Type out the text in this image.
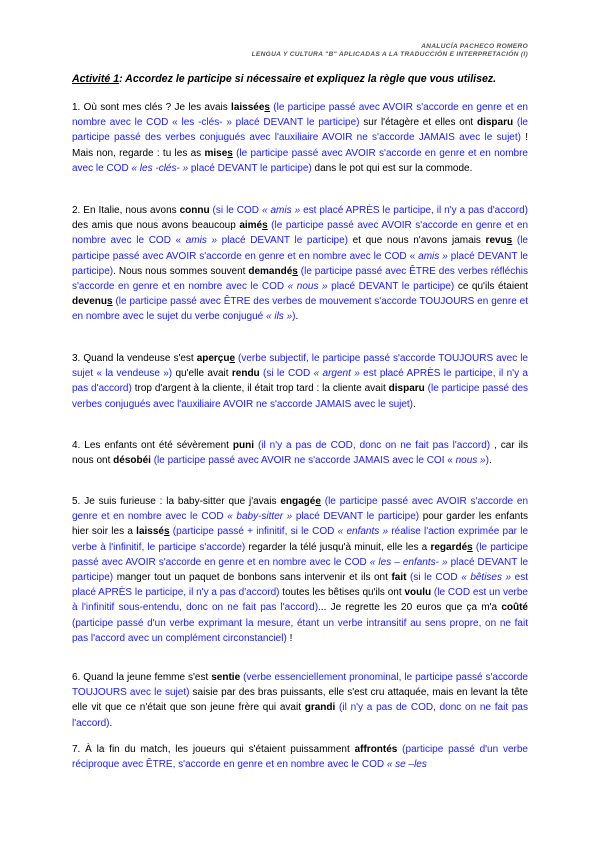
ANALUCÍA PACHECO ROMERO
LENGUA Y CULTURA "B" APLICADAS A LA TRADUCCIÓN E INTERPRETACIÓN (I)
Activité 1: Accordez le participe si nécessaire et expliquez la règle que vous utilisez.
1. Où sont mes clés ? Je les avais laissées (le participe passé avec AVOIR s'accorde en genre et en nombre avec le COD « les -clés- » placé DEVANT le participe) sur l'étagère et elles ont disparu (le participe passé des verbes conjugués avec l'auxiliaire AVOIR ne s'accorde JAMAIS avec le sujet) ! Mais non, regarde : tu les as mises (le participe passé avec AVOIR s'accorde en genre et en nombre avec le COD « les -clés- » placé DEVANT le participe) dans le pot qui est sur la commode.
2. En Italie, nous avons connu (si le COD « amis » est placé APRÈS le participe, il n'y a pas d'accord) des amis que nous avons beaucoup aimés (le participe passé avec AVOIR s'accorde en genre et en nombre avec le COD « amis » placé DEVANT le participe) et que nous n'avons jamais revus (le participe passé avec AVOIR s'accorde en genre et en nombre avec le COD « amis » placé DEVANT le participe). Nous nous sommes souvent demandés (le participe passé avec ÊTRE des verbes réfléchis s'accorde en genre et en nombre avec le COD « nous » placé DEVANT le participe) ce qu'ils étaient devenus (le participe passé avec ÊTRE des verbes de mouvement s'accorde TOUJOURS en genre et en nombre avec le sujet du verbe conjugué « ils »).
3. Quand la vendeuse s'est aperçue (verbe subjectif, le participe passé s'accorde TOUJOURS avec le sujet « la vendeuse ») qu'elle avait rendu (si le COD « argent » est placé APRÈS le participe, il n'y a pas d'accord) trop d'argent à la cliente, il était trop tard : la cliente avait disparu (le participe passé des verbes conjugués avec l'auxiliaire AVOIR ne s'accorde JAMAIS avec le sujet).
4. Les enfants ont été sévèrement puni (il n'y a pas de COD, donc on ne fait pas l'accord) , car ils nous ont désobéi (le participe passé avec AVOIR ne s'accorde JAMAIS avec le COI « nous »).
5. Je suis furieuse : la baby-sitter que j'avais engagée (le participe passé avec AVOIR s'accorde en genre et en nombre avec le COD « baby-sitter » placé DEVANT le participe) pour garder les enfants hier soir les a laissés (participe passé + infinitif, si le COD « enfants » réalise l'action exprimée par le verbe à l'infinitif, le participe s'accorde) regarder la télé jusqu'à minuit, elle les a regardés (le participe passé avec AVOIR s'accorde en genre et en nombre avec le COD « les – enfants- » placé DEVANT le participe) manger tout un paquet de bonbons sans intervenir et ils ont fait (si le COD « bêtises » est placé APRÈS le participe, il n'y a pas d'accord) toutes les bêtises qu'ils ont voulu (le COD est un verbe à l'infinitif sous-entendu, donc on ne fait pas l'accord)... Je regrette les 20 euros que ça m'a coûté (participe passé d'un verbe exprimant la mesure, étant un verbe intransitif au sens propre, on ne fait pas l'accord avec un complément circonstanciel) !
6. Quand la jeune femme s'est sentie (verbe essenciellement pronominal, le participe passé s'accorde TOUJOURS avec le sujet) saisie par des bras puissants, elle s'est cru attaquée, mais en levant la tête elle vit que ce n'était que son jeune frère qui avait grandi (il n'y a pas de COD, donc on ne fait pas l'accord).
7. À la fin du match, les joueurs qui s'étaient puissamment affrontés (participe passé d'un verbe réciproque avec ÊTRE, s'accorde en genre et en nombre avec le COD « se –les
